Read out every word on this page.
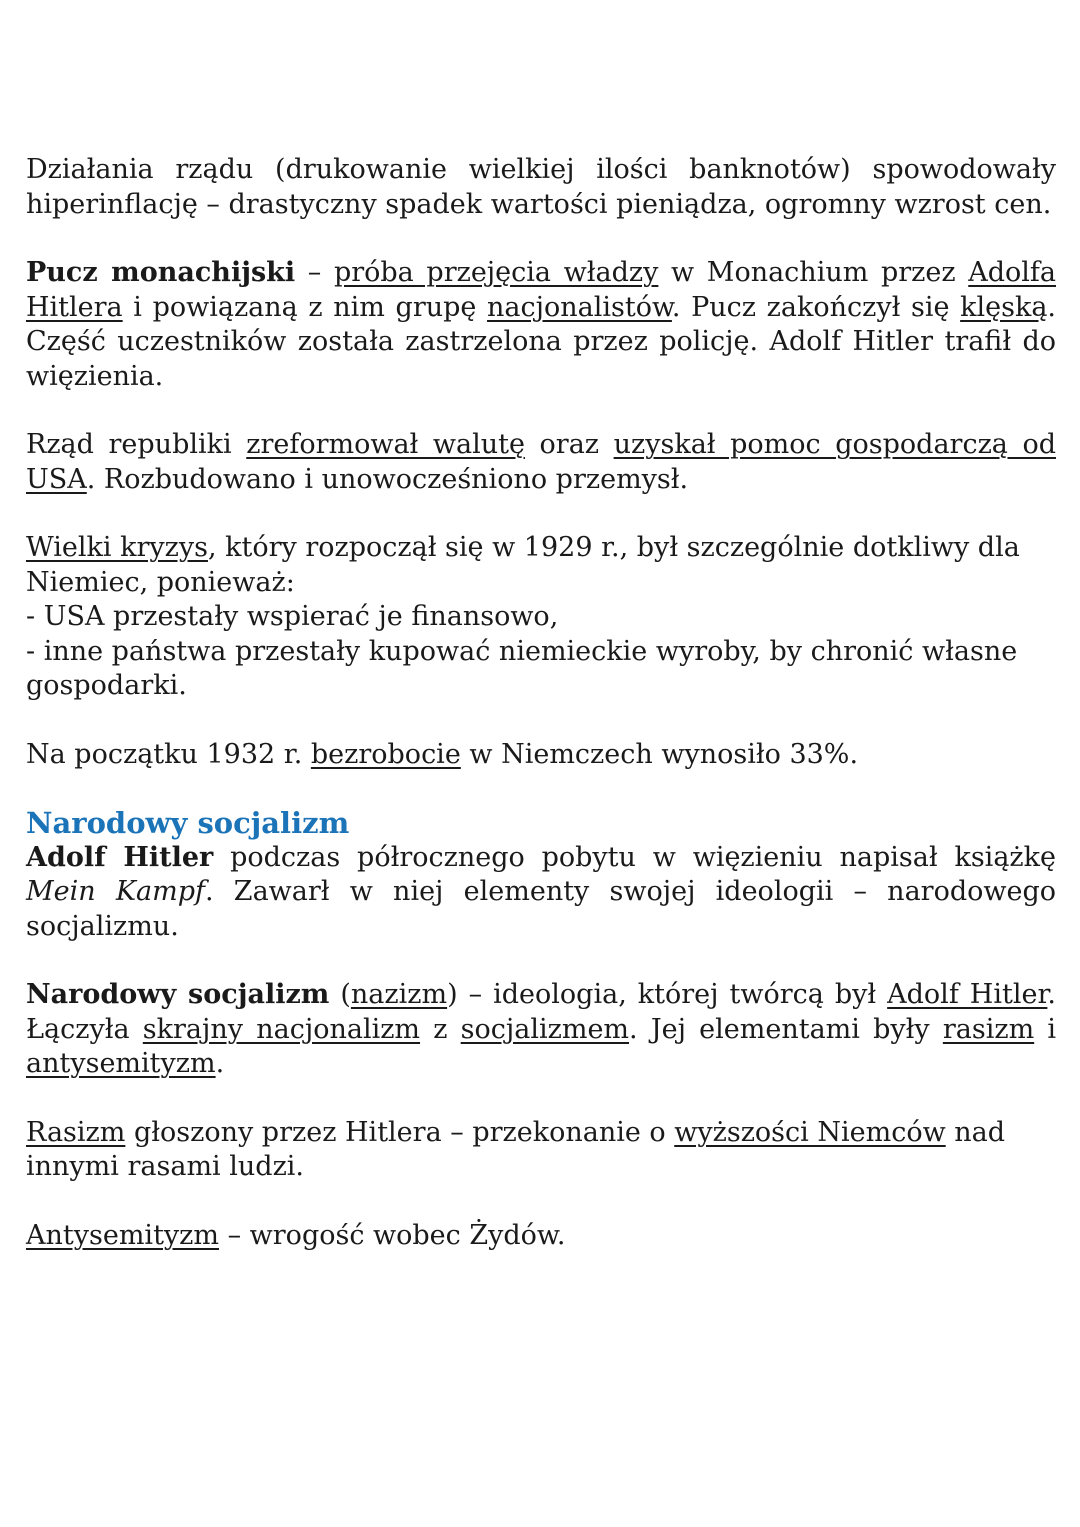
Działania rządu (drukowanie wielkiej ilości banknotów) spowodowały hiperinflację – drastyczny spadek wartości pieniądza, ogromny wzrost cen.

Pucz monachijski – próba przejęcia władzy w Monachium przez Adolfa Hitlera i powiązaną z nim grupę nacjonalistów. Pucz zakończył się klęską. Część uczestników została zastrzelona przez policję. Adolf Hitler trafił do więzienia.

Rząd republiki zreformował walutę oraz uzyskał pomoc gospodarczą od USA. Rozbudowano i unowocześniono przemysł.

Wielki kryzys, który rozpoczął się w 1929 r., był szczególnie dotkliwy dla Niemiec, ponieważ:

- USA przestały wspierać je finansowo,

- inne państwa przestały kupować niemieckie wyroby, by chronić własne gospodarki.

Na początku 1932 r. bezrobocie w Niemczech wynosiło 33%.

Narodowy socjalizm

Adolf Hitler podczas półrocznego pobytu w więzieniu napisał książkę Mein Kampf. Zawarł w niej elementy swojej ideologii – narodowego socjalizmu.

Narodowy socjalizm (nazizm) – ideologia, której twórcą był Adolf Hitler. Łączyła skrajny nacjonalizm z socjalizmem. Jej elementami były rasizm i antysemityzm.

Rasizm głoszony przez Hitlera – przekonanie o wyższości Niemców nad innymi rasami ludzi.

Antysemityzm – wrogość wobec Żydów.
